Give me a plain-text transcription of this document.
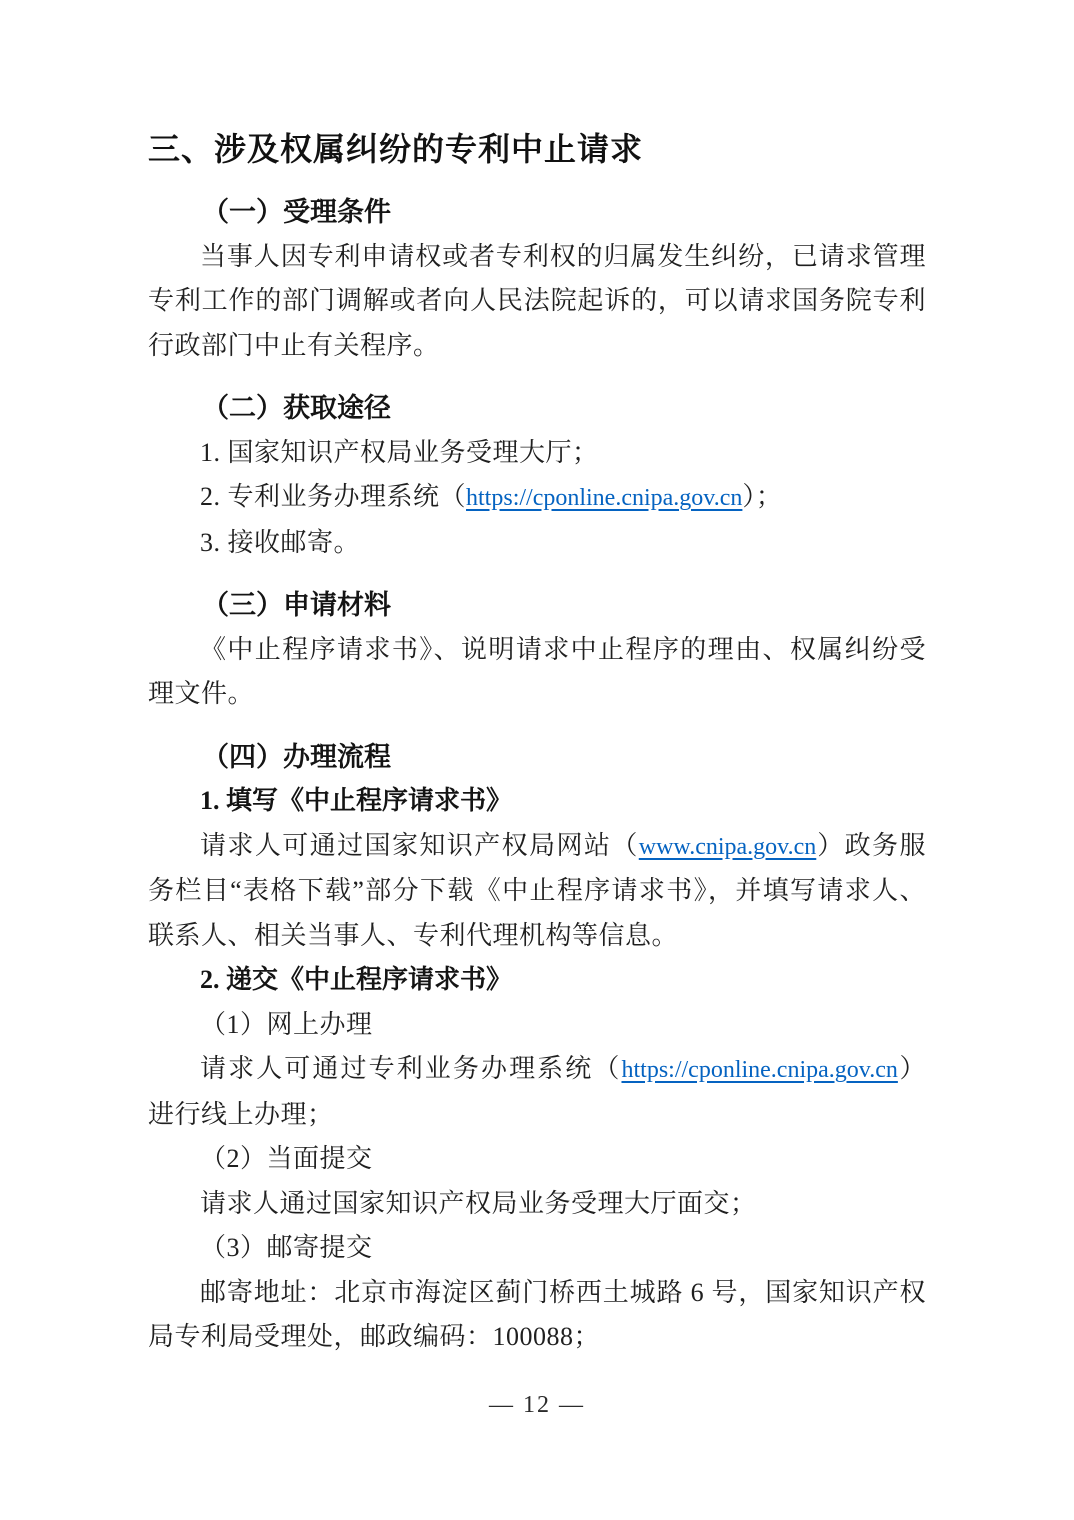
三、涉及权属纠纷的专利中止请求
（一）受理条件

当事人因专利申请权或者专利权的归属发生纠纷，已请求管理专利工作的部门调解或者向人民法院起诉的，可以请求国务院专利行政部门中止有关程序。

（二）获取途径

1. 国家知识产权局业务受理大厅；

2. 专利业务办理系统（https://cponline.cnipa.gov.cn）；

3. 接收邮寄。

（三）申请材料

《中止程序请求书》、说明请求中止程序的理由、权属纠纷受理文件。

（四）办理流程
1. 填写《中止程序请求书》

请求人可通过国家知识产权局网站（www.cnipa.gov.cn）政务服务栏目“表格下载”部分下载《中止程序请求书》，并填写请求人、联系人、相关当事人、专利代理机构等信息。

2. 递交《中止程序请求书》

（1）网上办理

请求人可通过专利业务办理系统（https://cponline.cnipa.gov.cn）进行线上办理；

（2）当面提交

请求人通过国家知识产权局业务受理大厅面交；

（3）邮寄提交

邮寄地址：北京市海淀区蓟门桥西土城路 6 号，国家知识产权局专利局受理处，邮政编码：100088；

— 12 —
